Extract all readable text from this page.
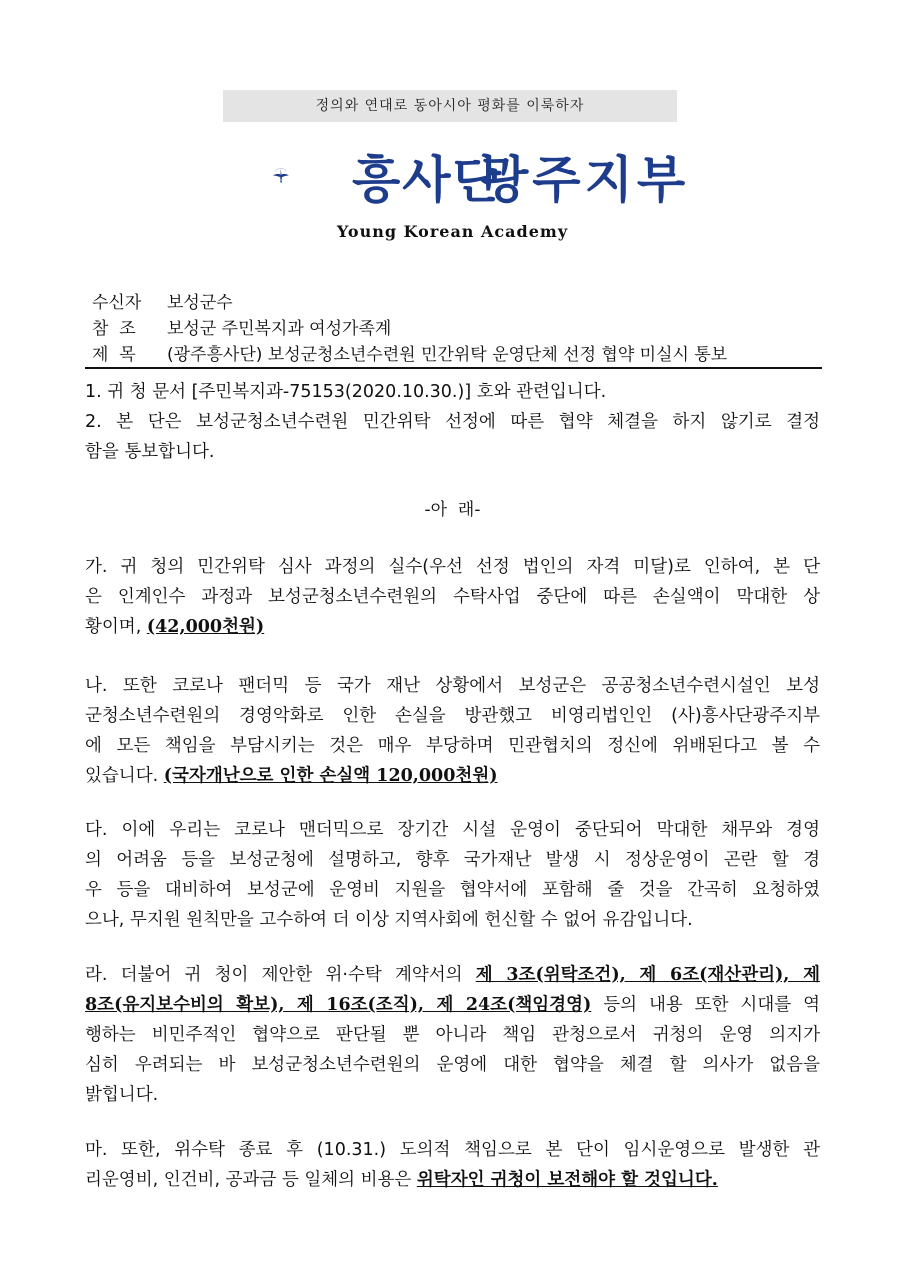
정의와 연대로 동아시아 평화를 이룩하자
흥사단
광주지부
Young Korean Academy
수신자 보성군수
참  조 보성군 주민복지과 여성가족계
제  목 (광주흥사단) 보성군청소년수련원 민간위탁 운영단체 선정 협약 미실시 통보
1. 귀 청 문서 [주민복지과-75153(2020.10.30.)] 호와 관련입니다.
2. 본 단은 보성군청소년수련원 민간위탁 선정에 따른 협약 체결을 하지 않기로 결정
함을 통보합니다.
-아  래-
가. 귀 청의 민간위탁 심사 과정의 실수(우선 선정 법인의 자격 미달)로 인하여, 본 단
은 인계인수 과정과 보성군청소년수련원의 수탁사업 중단에 따른 손실액이 막대한 상
황이며, (42,000천원)
나. 또한 코로나 팬더믹 등 국가 재난 상황에서 보성군은 공공청소년수련시설인 보성
군청소년수련원의 경영악화로 인한 손실을 방관했고 비영리법인인 (사)흥사단광주지부
에 모든 책임을 부담시키는 것은 매우 부당하며 민관협치의 정신에 위배된다고 볼 수
있습니다. (국자개난으로 인한 손실액 120,000천원)
다. 이에 우리는 코로나 맨더믹으로 장기간 시설 운영이 중단되어 막대한 채무와 경영
의 어려움 등을 보성군청에 설명하고, 향후 국가재난 발생 시 정상운영이 곤란 할 경
우 등을 대비하여 보성군에 운영비 지원을 협약서에 포함해 줄 것을 간곡히 요청하였
으나, 무지원 원칙만을 고수하여 더 이상 지역사회에 헌신할 수 없어 유감입니다.
라. 더불어 귀 청이 제안한 위·수탁 계약서의 제 3조(위탁조건), 제 6조(재산관리), 제
8조(유지보수비의 확보), 제 16조(조직), 제 24조(책임경영) 등의 내용 또한 시대를 역
행하는 비민주적인 협약으로 판단될 뿐 아니라 책임 관청으로서 귀청의 운영 의지가
심히 우려되는 바 보성군청소년수련원의 운영에 대한 협약을 체결 할 의사가 없음을
밝힙니다.
마. 또한, 위수탁 종료 후 (10.31.) 도의적 책임으로 본 단이 임시운영으로 발생한 관
리운영비, 인건비, 공과금 등 일체의 비용은 위탁자인 귀청이 보전해야 할 것입니다.
